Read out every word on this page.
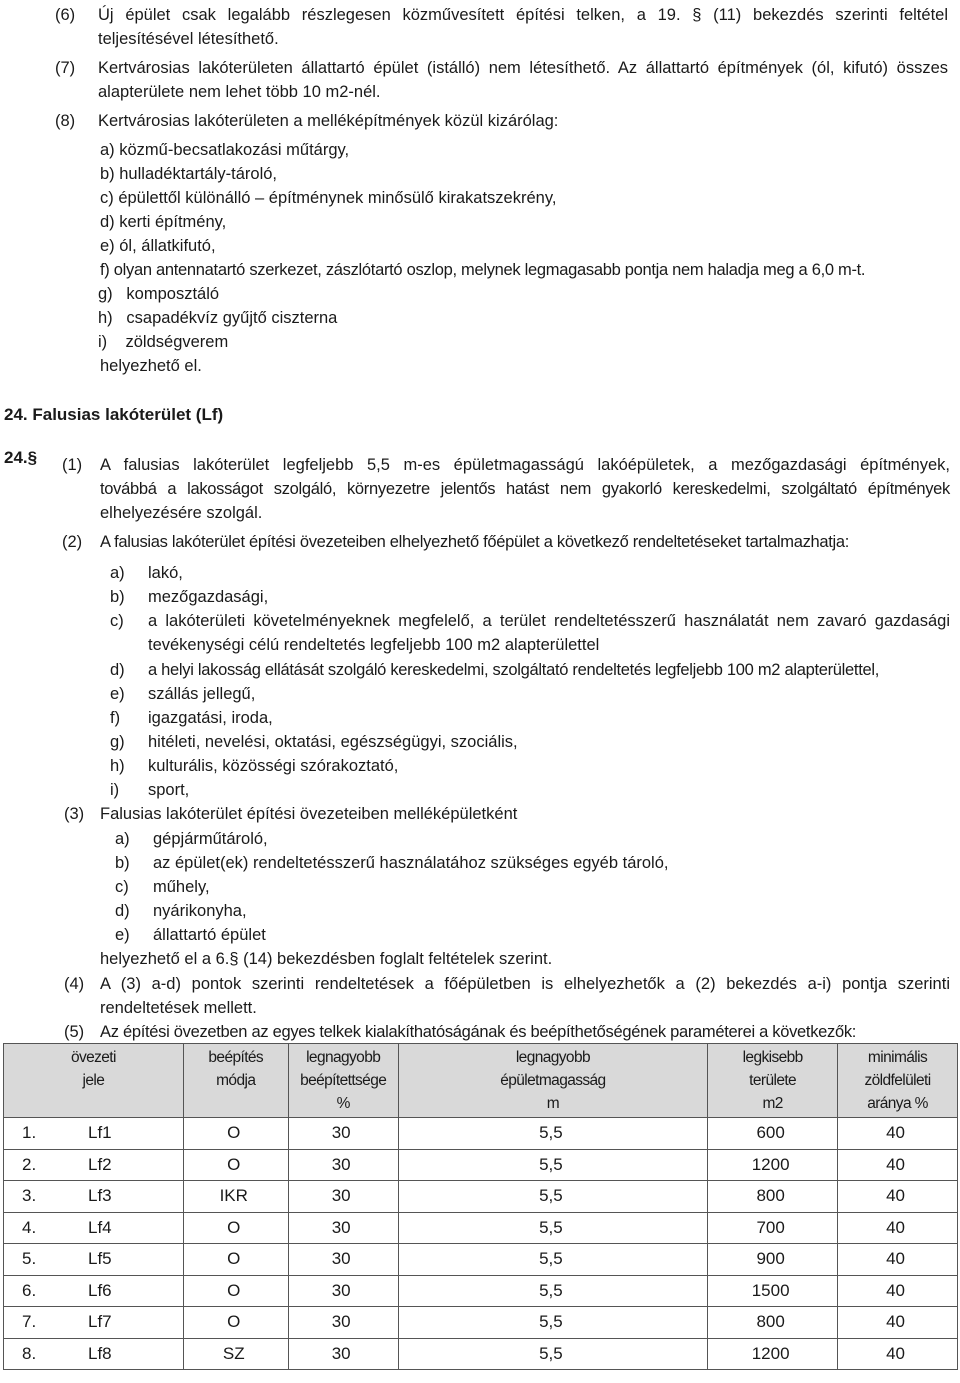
(6) Új épület csak legalább részlegesen közművesített építési telken, a 19. § (11) bekezdés szerinti feltétel
teljesítésével létesíthető.
(7) Kertvárosias lakóterületen állattartó épület (istálló) nem létesíthető. Az állattartó építmények (ól, kifutó) összes
alapterülete nem lehet több 10 m2-nél.
(8) Kertvárosias lakóterületen a melléképítmények közül kizárólag:
a) közmű-becsatlakozási műtárgy,
b) hulladéktartály-tároló,
c) épülettől különálló – építménynek minősülő kirakatszekrény,
d) kerti építmény,
e) ól, állatkifutó,
f) olyan antennatartó szerkezet, zászlótartó oszlop, melynek legmagasabb pontja nem haladja meg a 6,0 m-t.
g)   komposztáló
h)   csapadékvíz gyűjtő ciszterna
i)    zöldségverem
helyezhető el.
24. Falusias lakóterület (Lf)
24.§ (1) A falusias lakóterület legfeljebb 5,5 m-es épületmagasságú lakóépületek, a mezőgazdasági építmények,
továbbá a lakosságot szolgáló, környezetre jelentős hatást nem gyakorló kereskedelmi, szolgáltató építmények
elhelyezésére szolgál.
(2) A falusias lakóterület építési övezeteiben elhelyezhető főépület a következő rendeltetéseket tartalmazhatja:
a) lakó,
b) mezőgazdasági,
c) a lakóterületi követelményeknek megfelelő, a terület rendeltetésszerű használatát nem zavaró gazdasági
tevékenységi célú rendeltetés legfeljebb 100 m2 alapterülettel
d) a helyi lakosság ellátását szolgáló kereskedelmi, szolgáltató rendeltetés legfeljebb 100 m2 alapterülettel,
e) szállás jellegű,
f) igazgatási, iroda,
g) hitéleti, nevelési, oktatási, egészségügyi, szociális,
h) kulturális, közösségi szórakoztató,
i) sport,
(3) Falusias lakóterület építési övezeteiben melléképületként
a) gépjárműtároló,
b) az épület(ek) rendeltetésszerű használatához szükséges egyéb tároló,
c) műhely,
d) nyárikonyha,
e) állattartó épület
helyezhető el a 6.§ (14) bekezdésben foglalt feltételek szerint.
(4) A (3) a-d) pontok szerinti rendeltetések a főépületben is elhelyezhetők a (2) bekezdés a-i) pontja szerinti
rendeltetések mellett.
(5) Az építési övezetben az egyes telkek kialakíthatóságának és beépíthetőségének paraméterei a következők:
övezeti
jele	beépítés
módja	legnagyobb
beépítettsége
%	legnagyobb
épületmagasság
m	legkisebb
területe
m2	minimális
zöldfelületi
aránya %
1. Lf1	O	30	5,5	600	40
2. Lf2	O	30	5,5	1200	40
3. Lf3	IKR	30	5,5	800	40
4. Lf4	O	30	5,5	700	40
5. Lf5	O	30	5,5	900	40
6. Lf6	O	30	5,5	1500	40
7. Lf7	O	30	5,5	800	40
8. Lf8	SZ	30	5,5	1200	40
